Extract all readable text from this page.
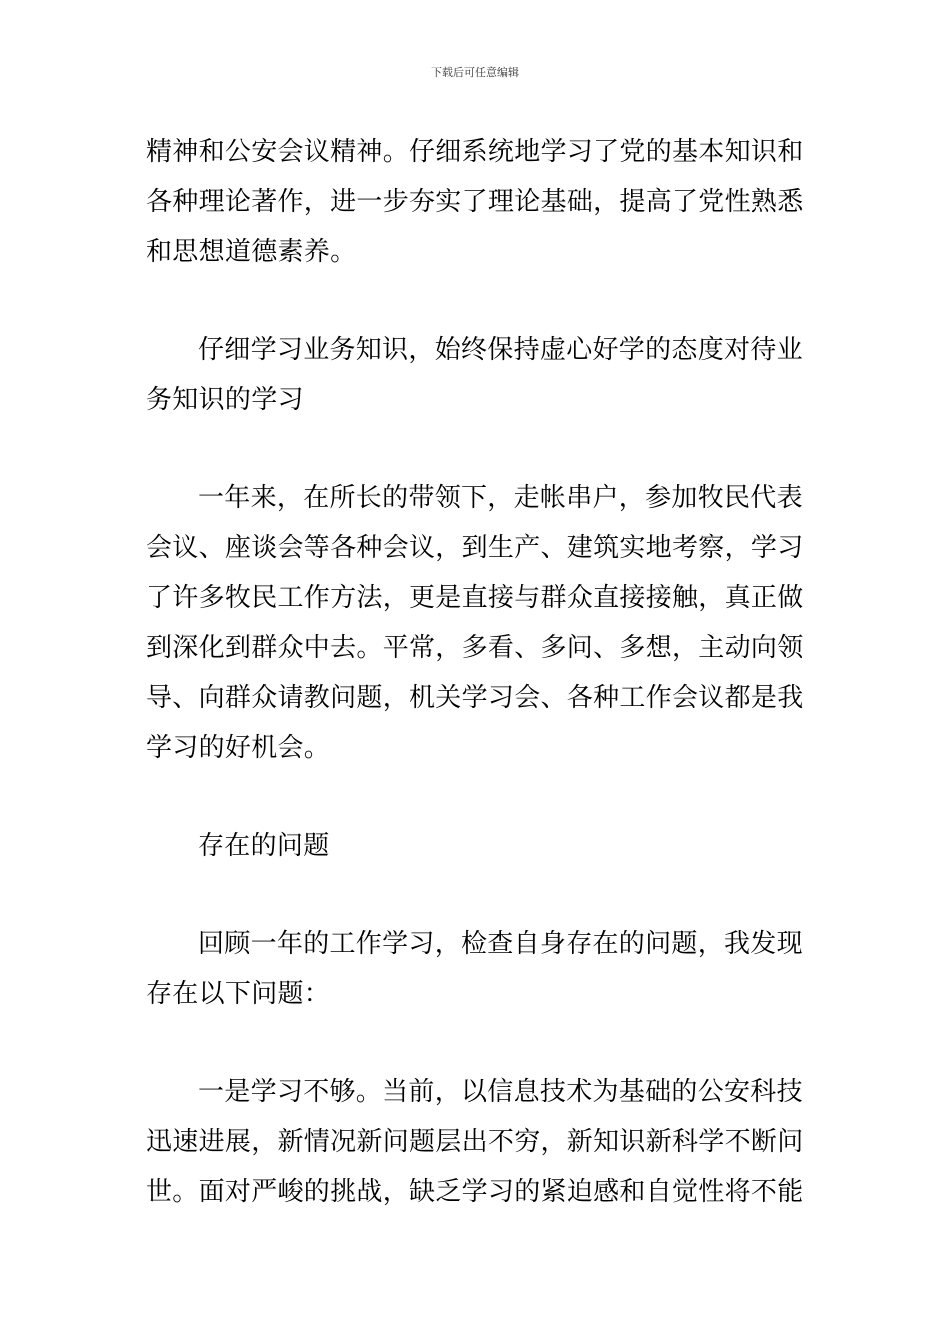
下载后可任意编辑

精神和公安会议精神。仔细系统地学习了党的基本知识和
各种理论著作，进一步夯实了理论基础，提高了党性熟悉
和思想道德素养。

仔细学习业务知识，始终保持虚心好学的态度对待业
务知识的学习

一年来，在所长的带领下，走帐串户，参加牧民代表
会议、座谈会等各种会议，到生产、建筑实地考察，学习
了许多牧民工作方法，更是直接与群众直接接触，真正做
到深化到群众中去。平常，多看、多问、多想，主动向领
导、向群众请教问题，机关学习会、各种工作会议都是我
学习的好机会。

存在的问题

回顾一年的工作学习，检查自身存在的问题，我发现
存在以下问题：

一是学习不够。当前，以信息技术为基础的公安科技
迅速进展，新情况新问题层出不穷，新知识新科学不断问
世。面对严峻的挑战，缺乏学习的紧迫感和自觉性将不能
